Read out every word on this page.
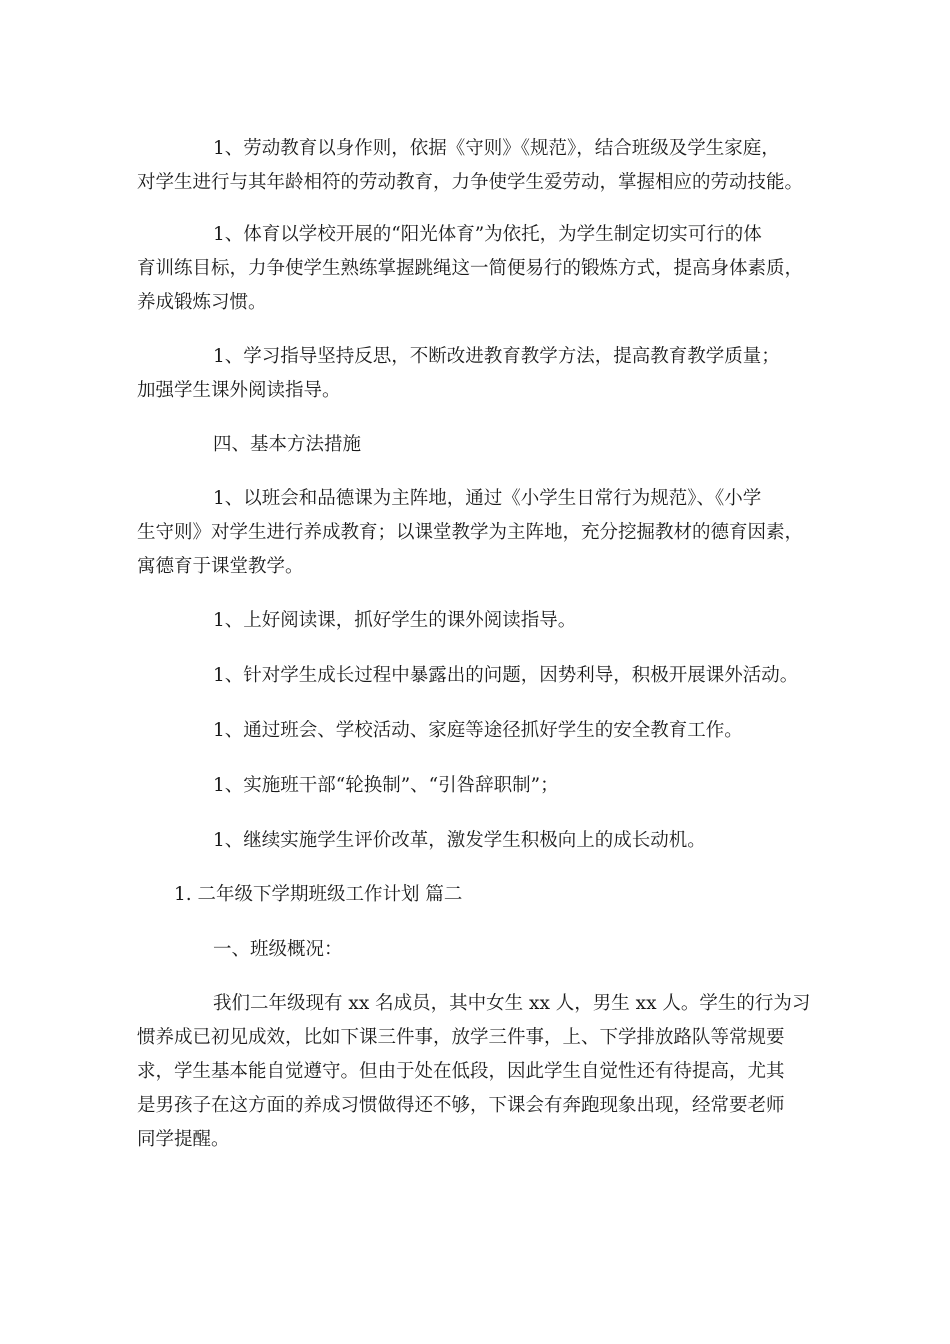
1、劳动教育以身作则，依据《守则》《规范》，结合班级及学生家庭，
对学生进行与其年龄相符的劳动教育，力争使学生爱劳动，掌握相应的劳动技能。
1、体育以学校开展的“阳光体育”为依托，为学生制定切实可行的体
育训练目标，力争使学生熟练掌握跳绳这一简便易行的锻炼方式，提高身体素质，
养成锻炼习惯。
1、学习指导坚持反思，不断改进教育教学方法，提高教育教学质量；
加强学生课外阅读指导。
四、基本方法措施
1、以班会和品德课为主阵地，通过《小学生日常行为规范》、《小学
生守则》对学生进行养成教育；以课堂教学为主阵地，充分挖掘教材的德育因素，
寓德育于课堂教学。
1、上好阅读课，抓好学生的课外阅读指导。
1、针对学生成长过程中暴露出的问题，因势利导，积极开展课外活动。
1、通过班会、学校活动、家庭等途径抓好学生的安全教育工作。
1、实施班干部“轮换制”、“引咎辞职制”；
1、继续实施学生评价改革，激发学生积极向上的成长动机。
1. 二年级下学期班级工作计划 篇二
一、班级概况：
我们二年级现有 xx 名成员，其中女生 xx 人，男生 xx 人。学生的行为习
惯养成已初见成效，比如下课三件事，放学三件事，上、下学排放路队等常规要
求，学生基本能自觉遵守。但由于处在低段，因此学生自觉性还有待提高，尤其
是男孩子在这方面的养成习惯做得还不够，下课会有奔跑现象出现，经常要老师
同学提醒。
